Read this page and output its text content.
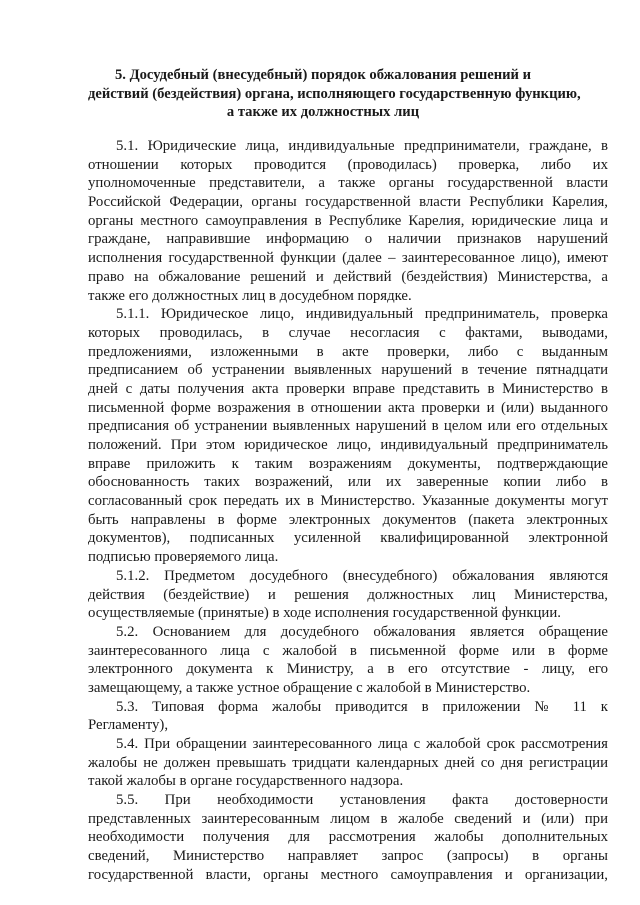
5. Досудебный (внесудебный) порядок обжалования решений и
действий (бездействия) органа, исполняющего государственную функцию,
а также их должностных лиц
5.1. Юридические лица, индивидуальные предприниматели, граждане, в
отношении которых проводится (проводилась) проверка, либо их
уполномоченные представители, а также органы государственной власти
Российской Федерации, органы государственной власти Республики Карелия,
органы местного самоуправления в Республике Карелия, юридические лица и
граждане, направившие информацию о наличии признаков нарушений
исполнения государственной функции (далее – заинтересованное лицо), имеют
право на обжалование решений и действий (бездействия) Министерства, а
также его должностных лиц в досудебном порядке.
5.1.1. Юридическое лицо, индивидуальный предприниматель, проверка
которых проводилась, в случае несогласия с фактами, выводами,
предложениями, изложенными в акте проверки, либо с выданным
предписанием об устранении выявленных нарушений в течение пятнадцати
дней с даты получения акта проверки вправе представить в Министерство в
письменной форме возражения в отношении акта проверки и (или) выданного
предписания об устранении выявленных нарушений в целом или его отдельных
положений. При этом юридическое лицо, индивидуальный предприниматель
вправе приложить к таким возражениям документы, подтверждающие
обоснованность таких возражений, или их заверенные копии либо в
согласованный срок передать их в Министерство. Указанные документы могут
быть направлены в форме электронных документов (пакета электронных
документов), подписанных усиленной квалифицированной электронной
подписью проверяемого лица.
5.1.2. Предметом досудебного (внесудебного) обжалования являются
действия (бездействие) и решения должностных лиц Министерства,
осуществляемые (принятые) в ходе исполнения государственной функции.
5.2. Основанием для досудебного обжалования является обращение
заинтересованного лица с жалобой в письменной форме или в форме
электронного документа к Министру, а в его отсутствие - лицу, его
замещающему, а также устное обращение с жалобой в Министерство.
5.3. Типовая форма жалобы приводится в приложении № 11 к
Регламенту),
5.4. При обращении заинтересованного лица с жалобой срок рассмотрения
жалобы не должен превышать тридцати календарных дней со дня регистрации
такой жалобы в органе государственного надзора.
5.5. При необходимости установления факта достоверности
представленных заинтересованным лицом в жалобе сведений и (или) при
необходимости получения для рассмотрения жалобы дополнительных
сведений, Министерство направляет запрос (запросы) в органы
государственной власти, органы местного самоуправления и организации,
